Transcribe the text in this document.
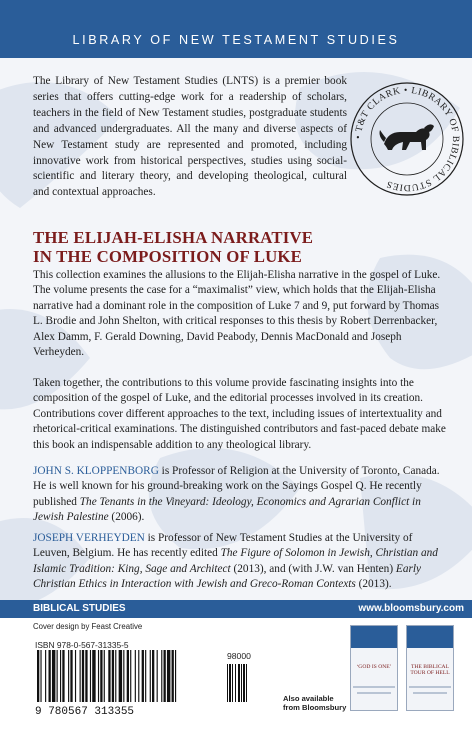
LIBRARY OF NEW TESTAMENT STUDIES

The Library of New Testament Studies (LNTS) is a premier book series that offers cutting-edge work for a readership of scholars, teachers in the field of New Testament studies, postgraduate students and advanced undergraduates. All the many and diverse aspects of New Testament study are represented and promoted, including innovative work from historical perspectives, studies using social-scientific and literary theory, and developing theological, cultural and contextual approaches.

• T&T CLARK • LIBRARY OF BIBLICAL STUDIES
THE ELIJAH-ELISHA NARRATIVE
IN THE COMPOSITION OF LUKE

This collection examines the allusions to the Elijah-Elisha narrative in the gospel of Luke. The volume presents the case for a “maximalist” view, which holds that the Elijah-Elisha narrative had a dominant role in the composition of Luke 7 and 9, put forward by Thomas L. Brodie and John Shelton, with critical responses to this thesis by Robert Derrenbacker, Alex Damm, F. Gerald Downing, David Peabody, Dennis MacDonald and Joseph Verheyden.

Taken together, the contributions to this volume provide fascinating insights into the composition of the gospel of Luke, and the editorial processes involved in its creation. Contributions cover different approaches to the text, including issues of intertextuality and rhetorical-critical examinations. The distinguished contributors and fast-paced debate make this book an indispensable addition to any theological library.

JOHN S. KLOPPENBORG is Professor of Religion at the University of Toronto, Canada. He is well known for his ground-breaking work on the Sayings Gospel Q. He recently published The Tenants in the Vineyard: Ideology, Economics and Agrarian Conflict in Jewish Palestine (2006).

JOSEPH VERHEYDEN is Professor of New Testament Studies at the University of Leuven, Belgium. He has recently edited The Figure of Solomon in Jewish, Christian and Islamic Tradition: King, Sage and Architect (2013), and (with J.W. van Henten) Early Christian Ethics in Interaction with Jewish and Greco-Roman Contexts (2013).

BIBLICAL STUDIES	www.bloomsbury.com
Cover design by Feast Creative
ISBN 978-0-567-31335-5
98000
9 780567 313355
Also available
from Bloomsbury
‘GOD IS ONE’	THE BIBLICAL TOUR OF HELL
